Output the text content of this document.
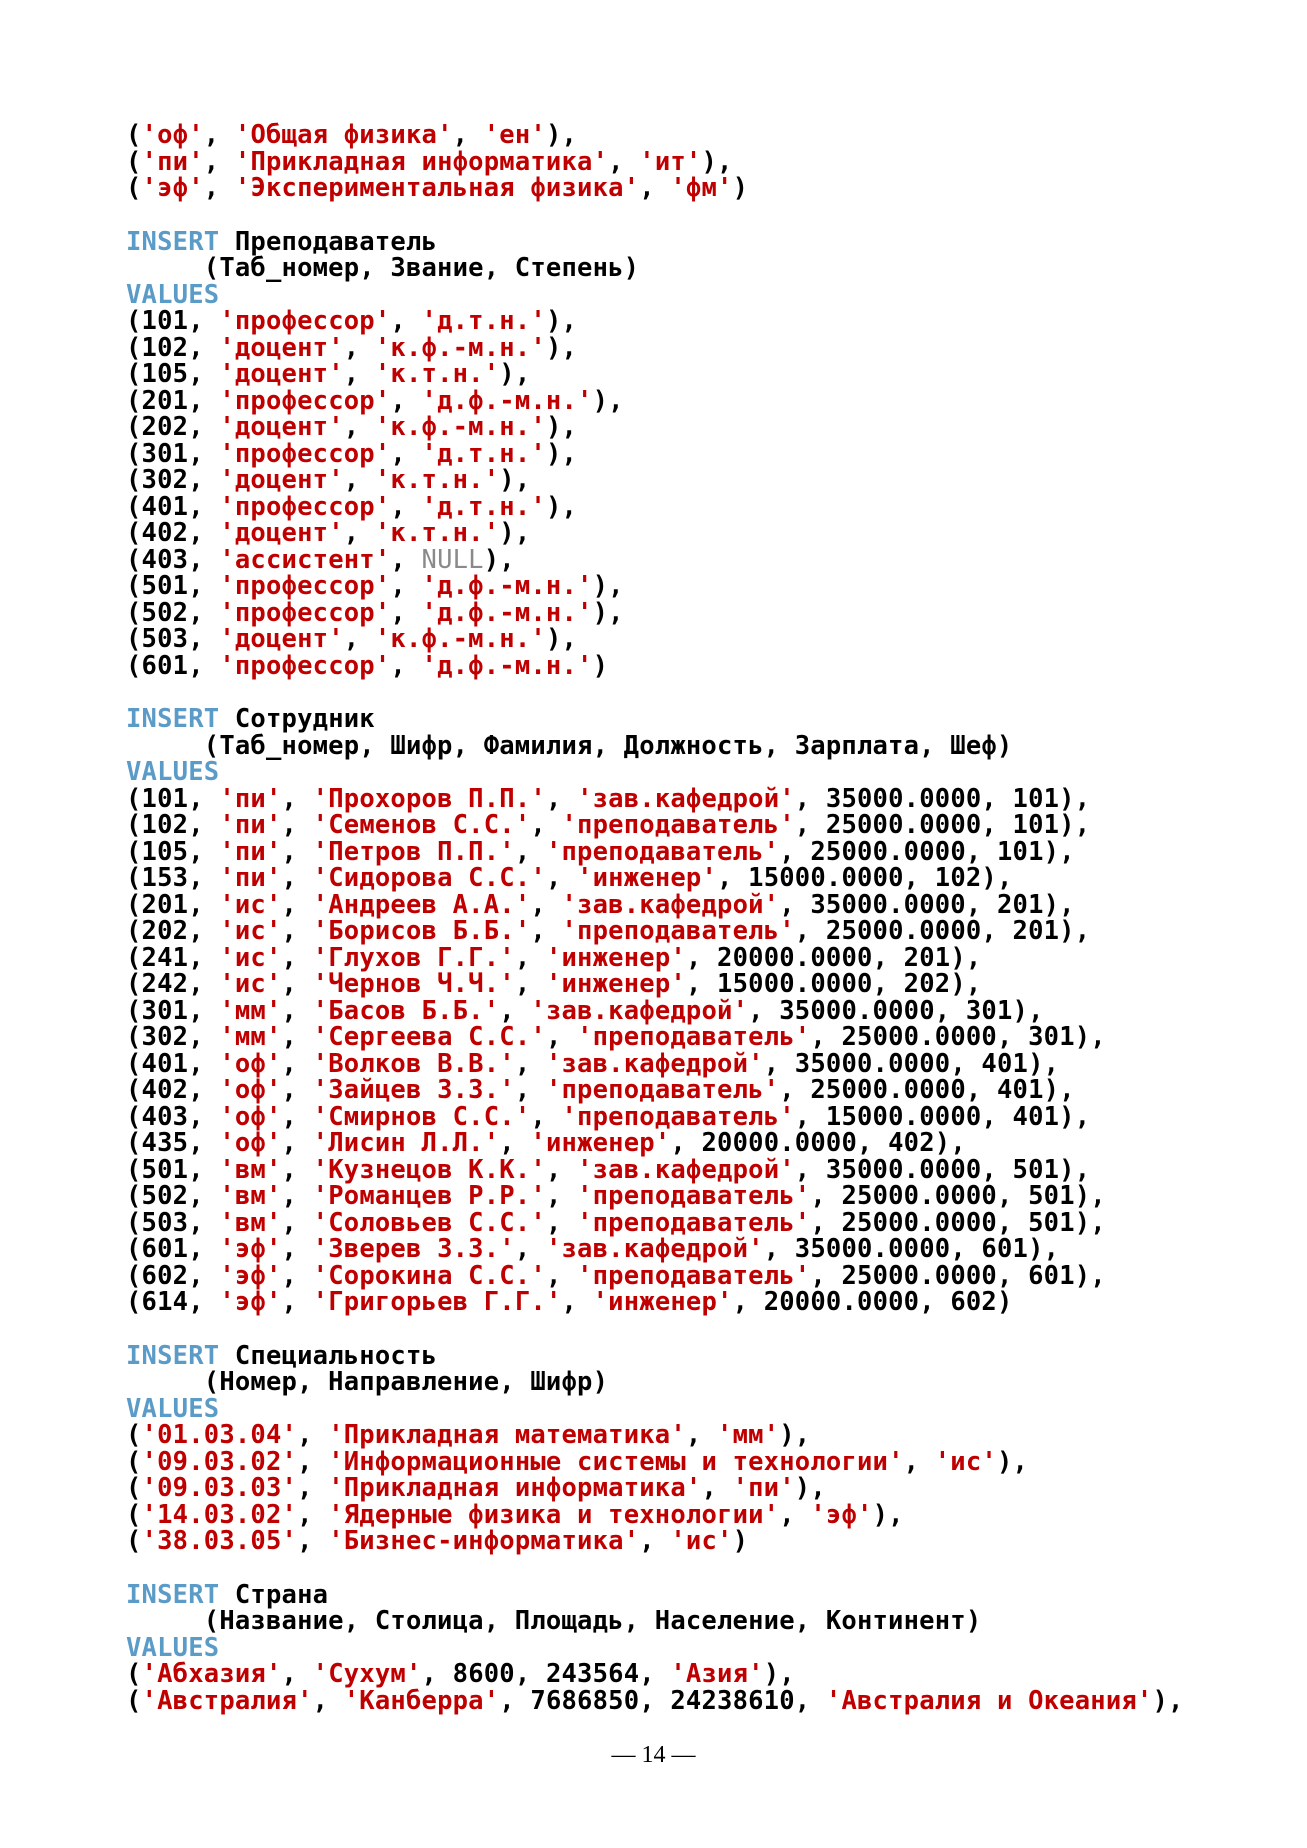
('оф', 'Общая физика', 'ен'),
('пи', 'Прикладная информатика', 'ит'),
('эф', 'Экспериментальная физика', 'фм')
INSERT Преподаватель
(Таб_номер, Звание, Степень)
VALUES
(101, 'профессор', 'д.т.н.'),
(102, 'доцент', 'к.ф.-м.н.'),
(105, 'доцент', 'к.т.н.'),
(201, 'профессор', 'д.ф.-м.н.'),
(202, 'доцент', 'к.ф.-м.н.'),
(301, 'профессор', 'д.т.н.'),
(302, 'доцент', 'к.т.н.'),
(401, 'профессор', 'д.т.н.'),
(402, 'доцент', 'к.т.н.'),
(403, 'ассистент', NULL),
(501, 'профессор', 'д.ф.-м.н.'),
(502, 'профессор', 'д.ф.-м.н.'),
(503, 'доцент', 'к.ф.-м.н.'),
(601, 'профессор', 'д.ф.-м.н.')
INSERT Сотрудник
(Таб_номер, Шифр, Фамилия, Должность, Зарплата, Шеф)
VALUES
(101, 'пи', 'Прохоров П.П.', 'зав.кафедрой', 35000.0000, 101),
(102, 'пи', 'Семенов С.С.', 'преподаватель', 25000.0000, 101),
(105, 'пи', 'Петров П.П.', 'преподаватель', 25000.0000, 101),
(153, 'пи', 'Сидорова С.С.', 'инженер', 15000.0000, 102),
(201, 'ис', 'Андреев А.А.', 'зав.кафедрой', 35000.0000, 201),
(202, 'ис', 'Борисов Б.Б.', 'преподаватель', 25000.0000, 201),
(241, 'ис', 'Глухов Г.Г.', 'инженер', 20000.0000, 201),
(242, 'ис', 'Чернов Ч.Ч.', 'инженер', 15000.0000, 202),
(301, 'мм', 'Басов Б.Б.', 'зав.кафедрой', 35000.0000, 301),
(302, 'мм', 'Сергеева С.С.', 'преподаватель', 25000.0000, 301),
(401, 'оф', 'Волков В.В.', 'зав.кафедрой', 35000.0000, 401),
(402, 'оф', 'Зайцев З.З.', 'преподаватель', 25000.0000, 401),
(403, 'оф', 'Смирнов С.С.', 'преподаватель', 15000.0000, 401),
(435, 'оф', 'Лисин Л.Л.', 'инженер', 20000.0000, 402),
(501, 'вм', 'Кузнецов К.К.', 'зав.кафедрой', 35000.0000, 501),
(502, 'вм', 'Романцев Р.Р.', 'преподаватель', 25000.0000, 501),
(503, 'вм', 'Соловьев С.С.', 'преподаватель', 25000.0000, 501),
(601, 'эф', 'Зверев З.З.', 'зав.кафедрой', 35000.0000, 601),
(602, 'эф', 'Сорокина С.С.', 'преподаватель', 25000.0000, 601),
(614, 'эф', 'Григорьев Г.Г.', 'инженер', 20000.0000, 602)
INSERT Специальность
(Номер, Направление, Шифр)
VALUES
('01.03.04', 'Прикладная математика', 'мм'),
('09.03.02', 'Информационные системы и технологии', 'ис'),
('09.03.03', 'Прикладная информатика', 'пи'),
('14.03.02', 'Ядерные физика и технологии', 'эф'),
('38.03.05', 'Бизнес-информатика', 'ис')
INSERT Страна
(Название, Столица, Площадь, Население, Континент)
VALUES
('Абхазия', 'Сухум', 8600, 243564, 'Азия'),
('Австралия', 'Канберра', 7686850, 24238610, 'Австралия и Океания'),
— 14 —
